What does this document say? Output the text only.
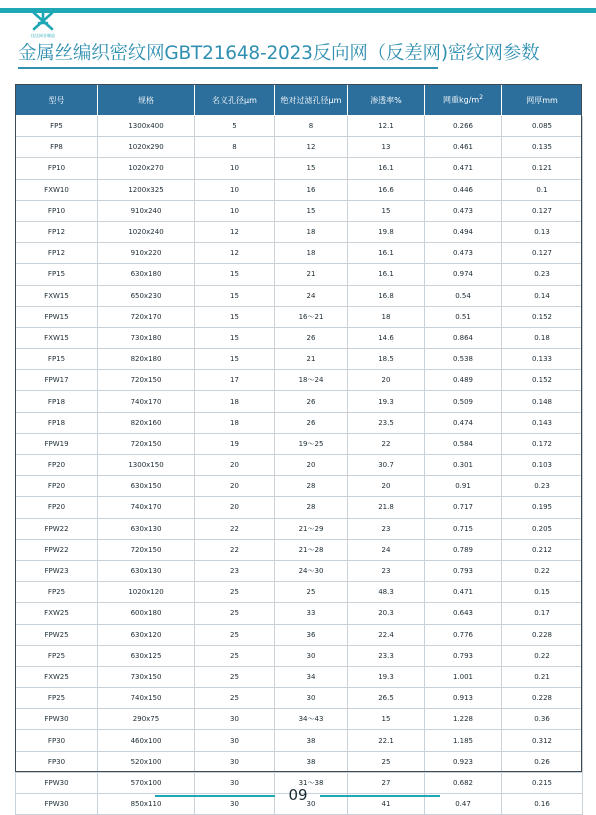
佳达网业制造
金属丝编织密纹网GBT21648-2023反向网（反差网)密纹网参数
型号	规格	名义孔径μm	绝对过滤孔径μm	渗透率%	网重$kg/m^2$	网厚mm
FP5	1300x400	5	8	12.1	0.266	0.085
FP8	1020x290	8	12	13	0.461	0.135
FP10	1020x270	10	15	16.1	0.471	0.121
FXW10	1200x325	10	16	16.6	0.446	0.1
FP10	910x240	10	15	15	0.473	0.127
FP12	1020x240	12	18	19.8	0.494	0.13
FP12	910x220	12	18	16.1	0.473	0.127
FP15	630x180	15	21	16.1	0.974	0.23
FXW15	650x230	15	24	16.8	0.54	0.14
FPW15	720x170	15	16～21	18	0.51	0.152
FXW15	730x180	15	26	14.6	0.864	0.18
FP15	820x180	15	21	18.5	0.538	0.133
FPW17	720x150	17	18～24	20	0.489	0.152
FP18	740x170	18	26	19.3	0.509	0.148
FP18	820x160	18	26	23.5	0.474	0.143
FPW19	720x150	19	19～25	22	0.584	0.172
FP20	1300x150	20	20	30.7	0.301	0.103
FP20	630x150	20	28	20	0.91	0.23
FP20	740x170	20	28	21.8	0.717	0.195
FPW22	630x130	22	21～29	23	0.715	0.205
FPW22	720x150	22	21～28	24	0.789	0.212
FPW23	630x130	23	24～30	23	0.793	0.22
FP25	1020x120	25	25	48.3	0.471	0.15
FXW25	600x180	25	33	20.3	0.643	0.17
FPW25	630x120	25	36	22.4	0.776	0.228
FP25	630x125	25	30	23.3	0.793	0.22
FXW25	730x150	25	34	19.3	1.001	0.21
FP25	740x150	25	30	26.5	0.913	0.228
FPW30	290x75	30	34～43	15	1.228	0.36
FP30	460x100	30	38	22.1	1.185	0.312
FP30	520x100	30	38	25	0.923	0.26
FPW30	570x100	30	31～38	27	0.682	0.215
FPW30	850x110	30	30	41	0.47	0.16
09
